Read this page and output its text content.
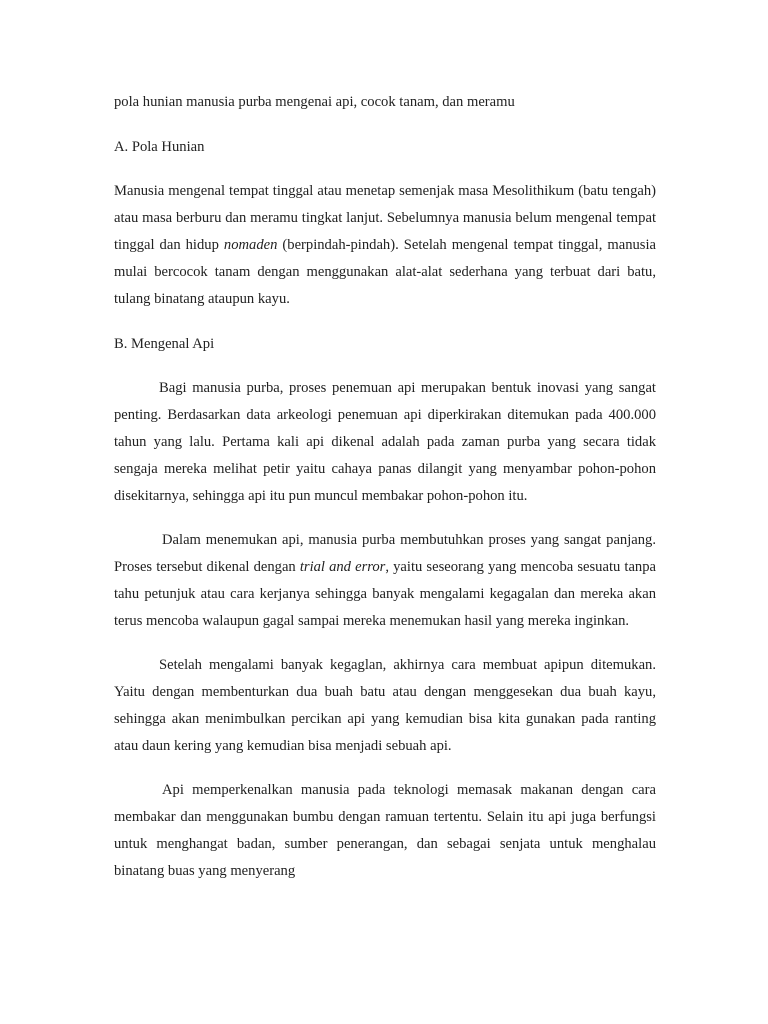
pola hunian manusia purba mengenai api, cocok tanam, dan meramu

A. Pola Hunian

Manusia mengenal tempat tinggal atau menetap semenjak masa Mesolithikum (batu tengah) atau masa berburu dan meramu tingkat lanjut. Sebelumnya manusia belum mengenal tempat tinggal dan hidup nomaden (berpindah-pindah). Setelah mengenal tempat tinggal, manusia mulai bercocok tanam dengan menggunakan alat-alat sederhana yang terbuat dari batu, tulang binatang ataupun kayu.

B. Mengenal Api

Bagi manusia purba, proses penemuan api merupakan bentuk inovasi yang sangat penting. Berdasarkan data arkeologi penemuan api diperkirakan ditemukan pada 400.000 tahun yang lalu. Pertama kali api dikenal adalah pada zaman purba yang secara tidak sengaja mereka melihat petir yaitu cahaya panas dilangit yang menyambar pohon-pohon disekitarnya, sehingga api itu pun muncul membakar pohon-pohon itu.

Dalam menemukan api, manusia purba membutuhkan proses yang sangat panjang. Proses tersebut dikenal dengan trial and error, yaitu seseorang yang mencoba sesuatu tanpa tahu petunjuk atau cara kerjanya sehingga banyak mengalami kegagalan dan mereka akan terus mencoba walaupun gagal sampai mereka menemukan hasil yang mereka inginkan.

Setelah mengalami banyak kegaglan, akhirnya cara membuat apipun ditemukan. Yaitu dengan membenturkan dua buah batu atau dengan menggesekan dua buah kayu, sehingga akan menimbulkan percikan api yang kemudian bisa kita gunakan pada ranting atau daun kering yang kemudian bisa menjadi sebuah api.

Api memperkenalkan manusia pada teknologi memasak makanan dengan cara membakar dan menggunakan bumbu dengan ramuan tertentu. Selain itu api juga berfungsi untuk menghangat badan, sumber penerangan, dan sebagai senjata untuk menghalau binatang buas yang menyerang
